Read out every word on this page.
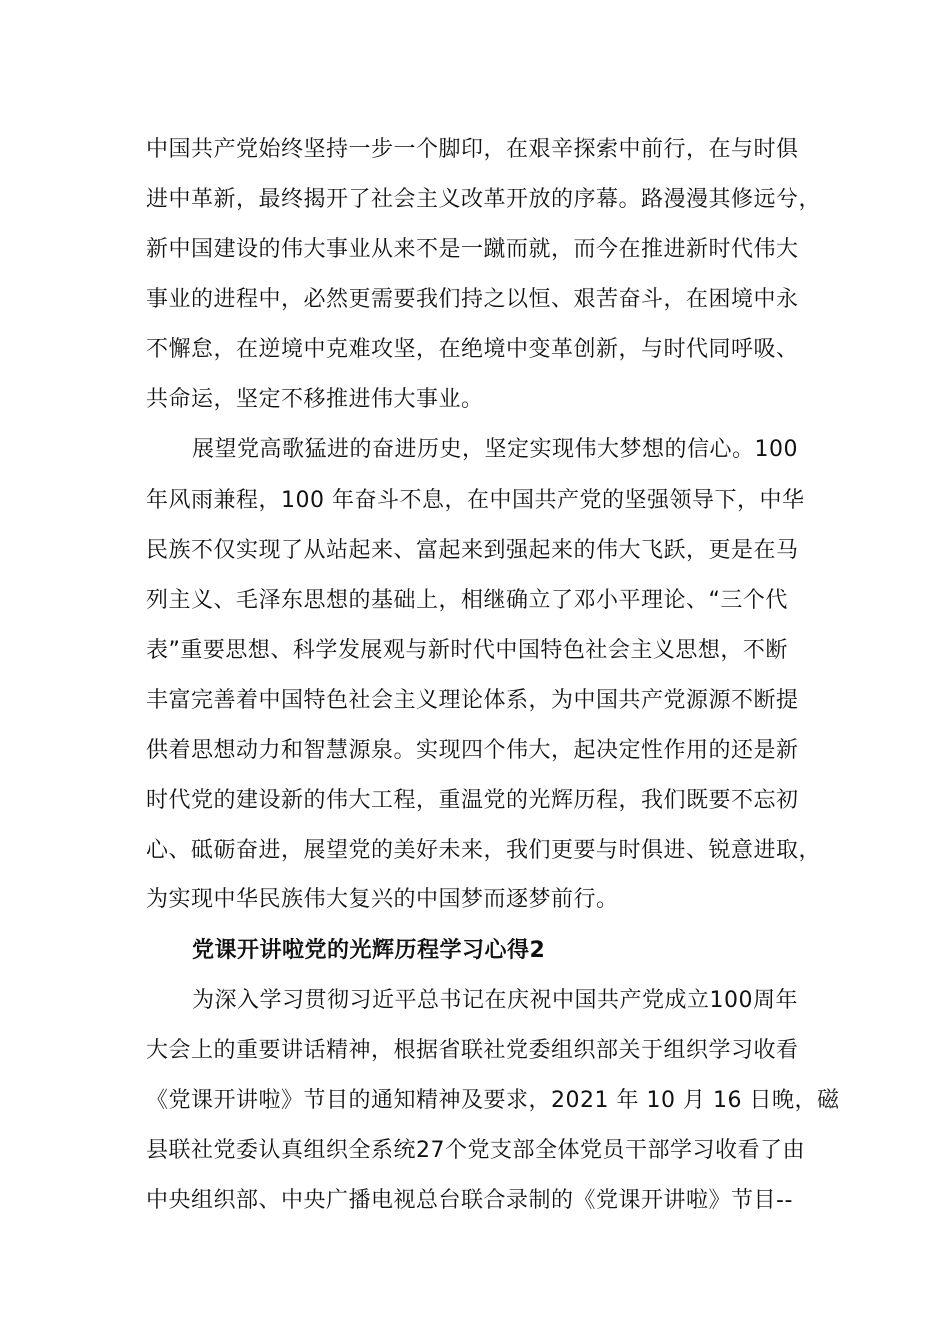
中国共产党始终坚持一步一个脚印，在艰辛探索中前行，在与时俱
进中革新，最终揭开了社会主义改革开放的序幕。路漫漫其修远兮，
新中国建设的伟大事业从来不是一蹴而就，而今在推进新时代伟大
事业的进程中，必然更需要我们持之以恒、艰苦奋斗，在困境中永
不懈怠，在逆境中克难攻坚，在绝境中变革创新，与时代同呼吸、
共命运，坚定不移推进伟大事业。
展望党高歌猛进的奋进历史，坚定实现伟大梦想的信心。100
年风雨兼程，100 年奋斗不息，在中国共产党的坚强领导下，中华
民族不仅实现了从站起来、富起来到强起来的伟大飞跃，更是在马
列主义、毛泽东思想的基础上，相继确立了邓小平理论、“三个代
表”重要思想、科学发展观与新时代中国特色社会主义思想，不断
丰富完善着中国特色社会主义理论体系，为中国共产党源源不断提
供着思想动力和智慧源泉。实现四个伟大，起决定性作用的还是新
时代党的建设新的伟大工程，重温党的光辉历程，我们既要不忘初
心、砥砺奋进，展望党的美好未来，我们更要与时俱进、锐意进取，
为实现中华民族伟大复兴的中国梦而逐梦前行。
党课开讲啦党的光辉历程学习心得2
为深入学习贯彻习近平总书记在庆祝中国共产党成立100周年
大会上的重要讲话精神，根据省联社党委组织部关于组织学习收看
《党课开讲啦》节目的通知精神及要求，2021 年 10 月 16 日晚，磁
县联社党委认真组织全系统27个党支部全体党员干部学习收看了由
中央组织部、中央广播电视总台联合录制的《党课开讲啦》节目--
